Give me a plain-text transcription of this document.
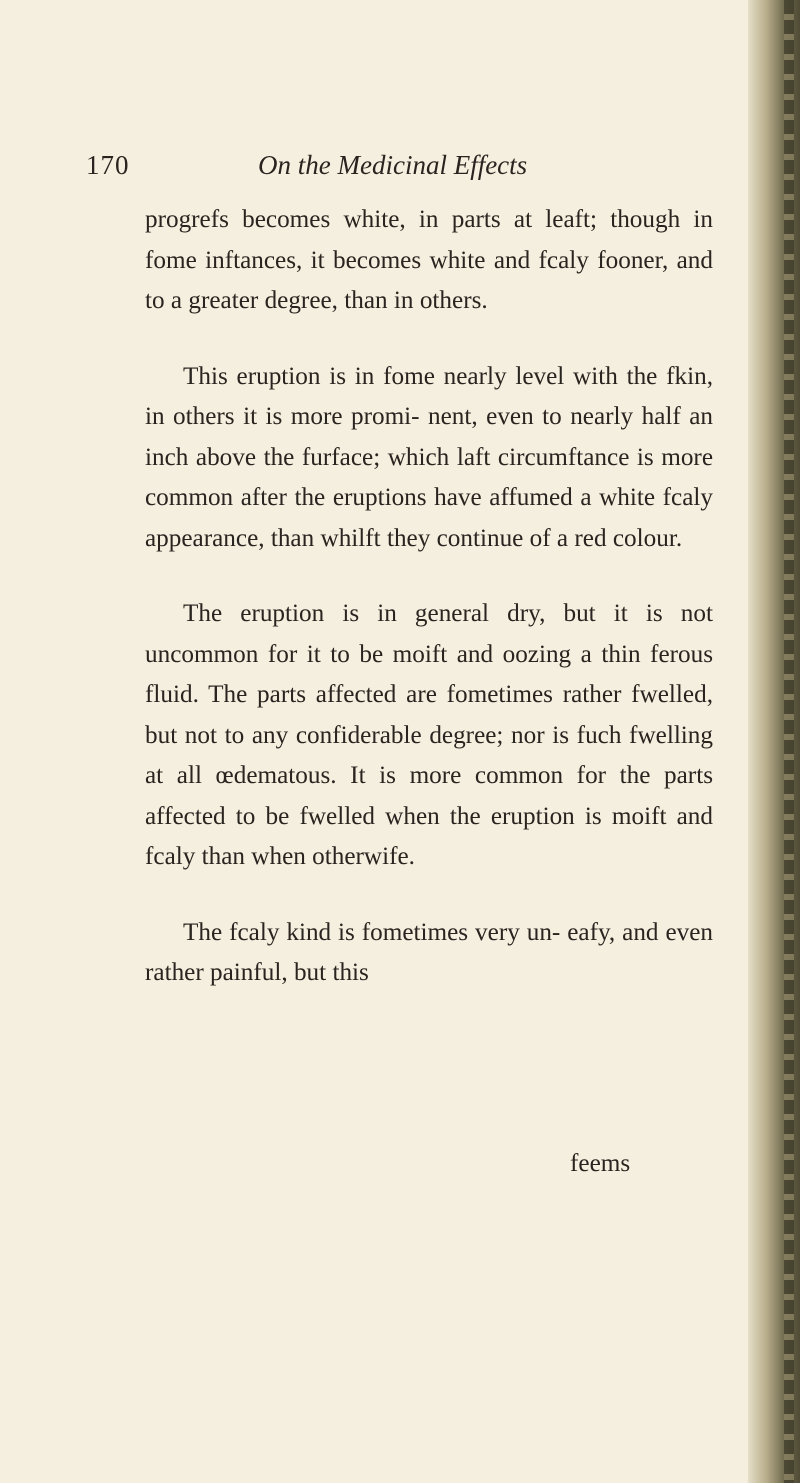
170	On the Medicinal Effects

progrefs becomes white, in parts at leaft; though in fome inftances, it becomes white and fcaly fooner, and to a greater degree, than in others.

This eruption is in fome nearly level with the fkin, in others it is more promi- nent, even to nearly half an inch above the furface; which laft circumftance is more common after the eruptions have affumed a white fcaly appearance, than whilft they continue of a red colour.

The eruption is in general dry, but it is not uncommon for it to be moift and oozing a thin ferous fluid. The parts affected are fometimes rather fwelled, but not to any confiderable degree; nor is fuch fwelling at all œdematous. It is more common for the parts affected to be fwelled when the eruption is moift and fcaly than when otherwife.

The fcaly kind is fometimes very un- eafy, and even rather painful, but this

feems
